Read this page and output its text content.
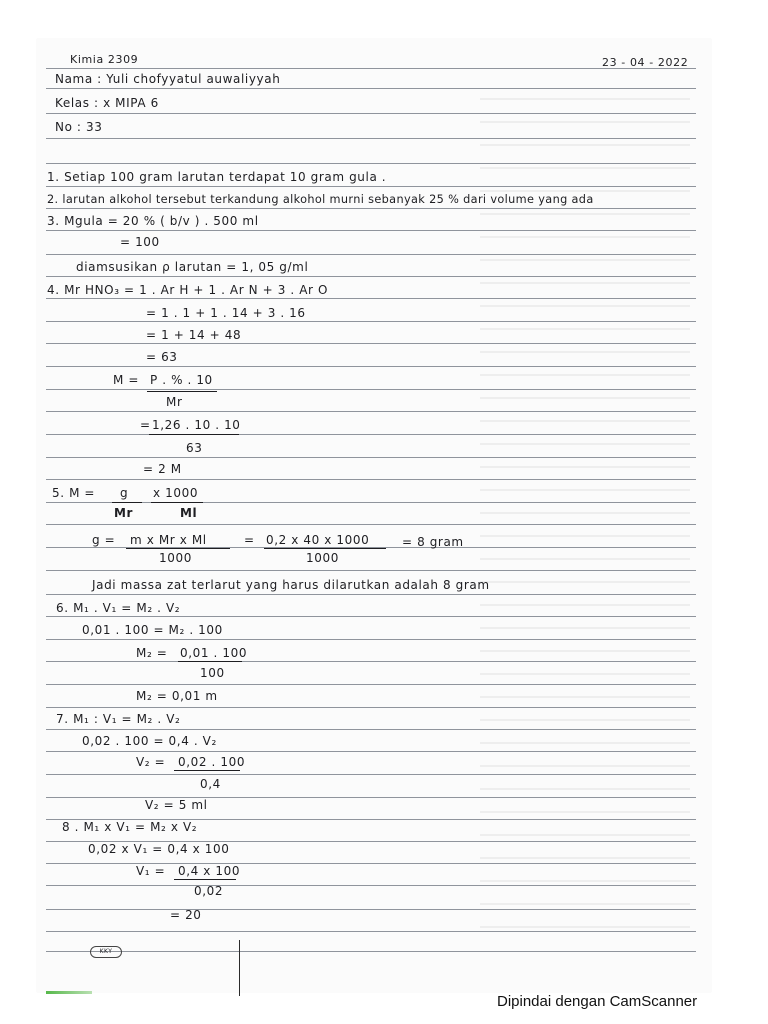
Kimia 2309	23 - 04 - 2022
Nama : Yuli chofyyatul auwaliyyah
Kelas : x MIPA 6
No : 33
1. Setiap 100 gram larutan terdapat 10 gram gula .
2. larutan alkohol tersebut terkandung alkohol murni sebanyak 25 % dari volume yang ada
3. Mgula = 20 % ( b/v ) . 500 ml
= 100
diamsusikan ρ larutan = 1, 05 g/ml
4. Mr HNO₃ = 1 . Ar H + 1 . Ar N + 3 . Ar O
= 1 . 1 + 1 . 14 + 3 . 16
= 1 + 14 + 48
= 63
M = P . % . 10
Mr
= 1,26 . 10 . 10
63
= 2 M
5. M = g
Mr
x 1000
Ml
g = m x Mr x Ml
1000
= 0,2 x 40 x 1000
1000
= 8 gram
Jadi massa zat terlarut yang harus dilarutkan adalah 8 gram
6. M₁ . V₁ = M₂ . V₂
0,01 . 100 = M₂ . 100
M₂ = 0,01 . 100
100
M₂ = 0,01 m
7. M₁ : V₁ = M₂ . V₂
0,02 . 100 = 0,4 . V₂
V₂ = 0,02 . 100
0,4
V₂ = 5 ml
8 . M₁ x V₁ = M₂ x V₂
0,02 x V₁ = 0,4 x 100
V₁ = 0,4 x 100
0,02
= 20
KKY
Dipindai dengan CamScanner
